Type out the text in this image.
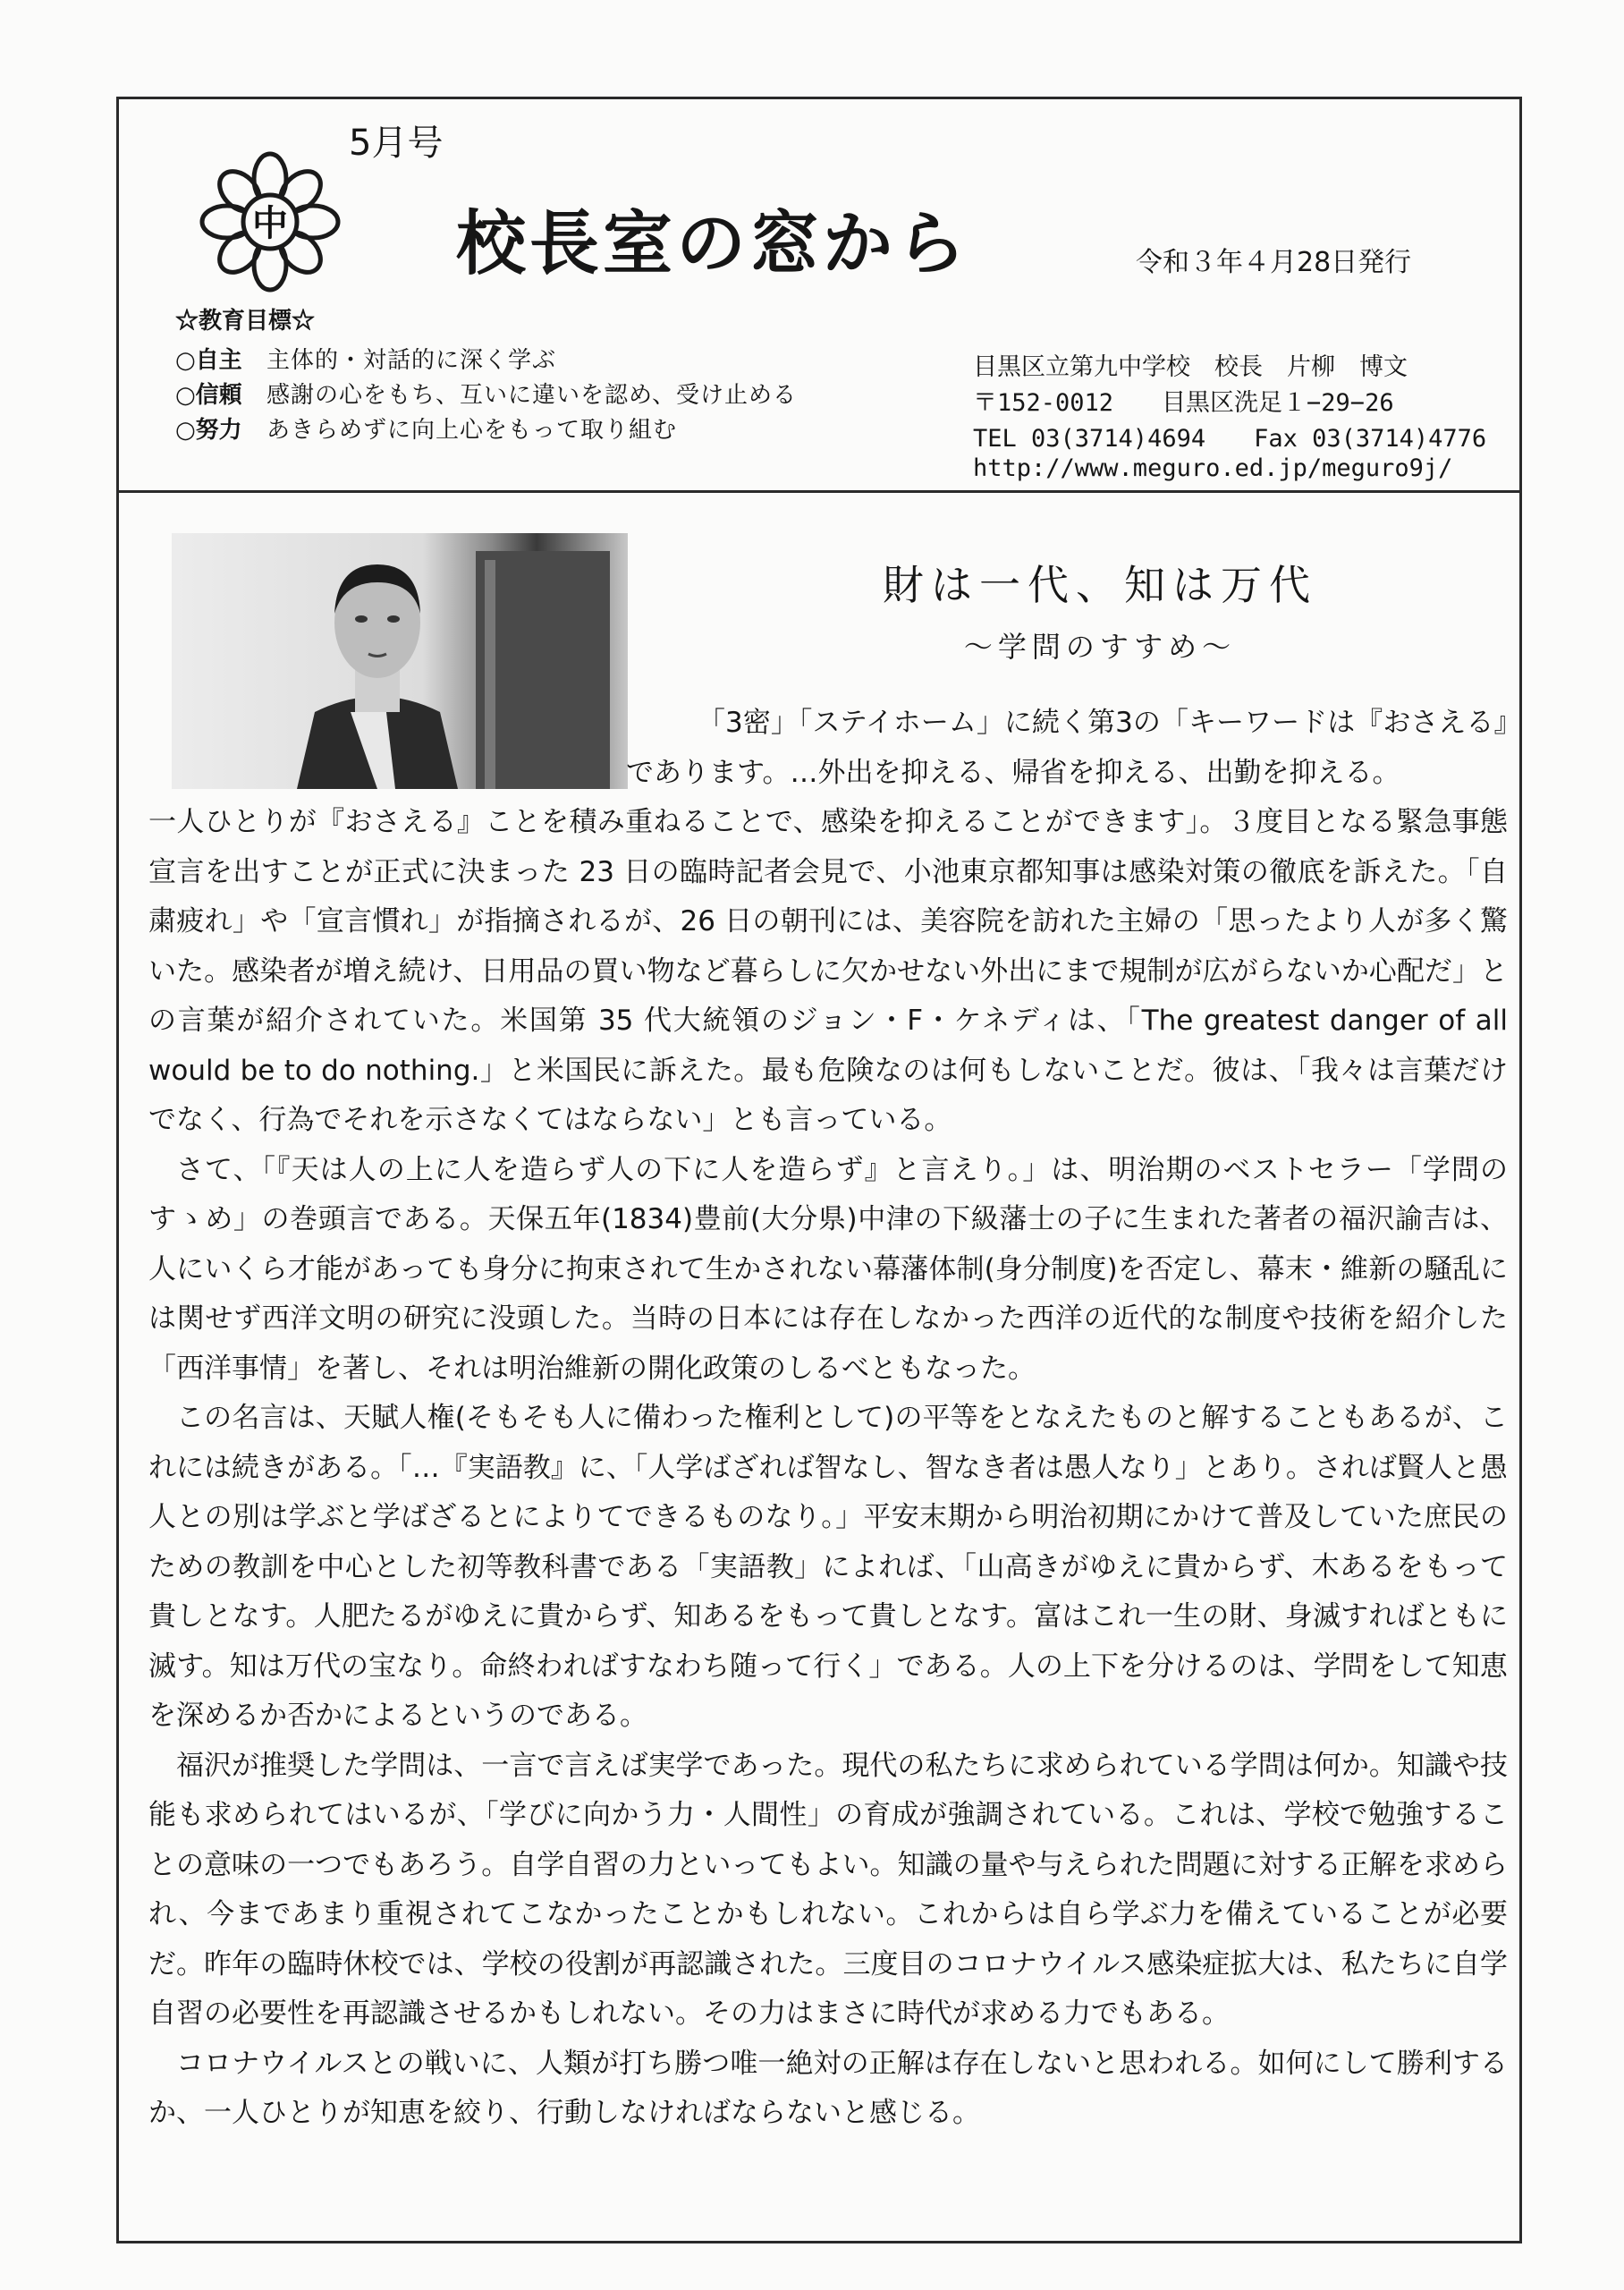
5月号
中 校長室の窓から	令和３年４月28日発行
☆教育目標☆
○自主	主体的・対話的に深く学ぶ
○信頼	感謝の心をもち、互いに違いを認め、受け止める
○努力	あきらめずに向上心をもって取り組む
目黒区立第九中学校　校長　片柳　博文
〒152-0012　　目黒区洗足１−29−26
TEL 03(3714)4694　　Fax 03(3714)4776
http://www.meguro.ed.jp/meguro9j/
財は一代、知は万代
〜学問のすすめ〜
「3密」「ステイホーム」に続く第3の「キーワードは『おさえる』であります。…外出を抑える、帰省を抑える、出勤を抑える。

一人ひとりが『おさえる』ことを積み重ねることで、感染を抑えることができます」。３度目となる緊急事態宣言を出すことが正式に決まった 23 日の臨時記者会見で、小池東京都知事は感染対策の徹底を訴えた。「自粛疲れ」や「宣言慣れ」が指摘されるが、26 日の朝刊には、美容院を訪れた主婦の「思ったより人が多く驚いた。感染者が増え続け、日用品の買い物など暮らしに欠かせない外出にまで規制が広がらないか心配だ」との言葉が紹介されていた。米国第 35 代大統領のジョン・F・ケネディは、「The greatest danger of all would be to do nothing.」と米国民に訴えた。最も危険なのは何もしないことだ。彼は、「我々は言葉だけでなく、行為でそれを示さなくてはならない」とも言っている。

さて、「『天は人の上に人を造らず人の下に人を造らず』と言えり。」は、明治期のベストセラー「学問のすゝめ」の巻頭言である。天保五年(1834)豊前(大分県)中津の下級藩士の子に生まれた著者の福沢諭吉は、人にいくら才能があっても身分に拘束されて生かされない幕藩体制(身分制度)を否定し、幕末・維新の騒乱には関せず西洋文明の研究に没頭した。当時の日本には存在しなかった西洋の近代的な制度や技術を紹介した「西洋事情」を著し、それは明治維新の開化政策のしるべともなった。

この名言は、天賦人権(そもそも人に備わった権利として)の平等をとなえたものと解することもあるが、これには続きがある。「…『実語教』に、「人学ばざれば智なし、智なき者は愚人なり」とあり。されば賢人と愚人との別は学ぶと学ばざるとによりてできるものなり。」平安末期から明治初期にかけて普及していた庶民のための教訓を中心とした初等教科書である「実語教」によれば、「山高きがゆえに貴からず、木あるをもって貴しとなす。人肥たるがゆえに貴からず、知あるをもって貴しとなす。富はこれ一生の財、身滅すればともに滅す。知は万代の宝なり。命終わればすなわち随って行く」である。人の上下を分けるのは、学問をして知恵を深めるか否かによるというのである。

福沢が推奨した学問は、一言で言えば実学であった。現代の私たちに求められている学問は何か。知識や技能も求められてはいるが、「学びに向かう力・人間性」の育成が強調されている。これは、学校で勉強することの意味の一つでもあろう。自学自習の力といってもよい。知識の量や与えられた問題に対する正解を求められ、今まであまり重視されてこなかったことかもしれない。これからは自ら学ぶ力を備えていることが必要だ。昨年の臨時休校では、学校の役割が再認識された。三度目のコロナウイルス感染症拡大は、私たちに自学自習の必要性を再認識させるかもしれない。その力はまさに時代が求める力でもある。

コロナウイルスとの戦いに、人類が打ち勝つ唯一絶対の正解は存在しないと思われる。如何にして勝利するか、一人ひとりが知恵を絞り、行動しなければならないと感じる。
